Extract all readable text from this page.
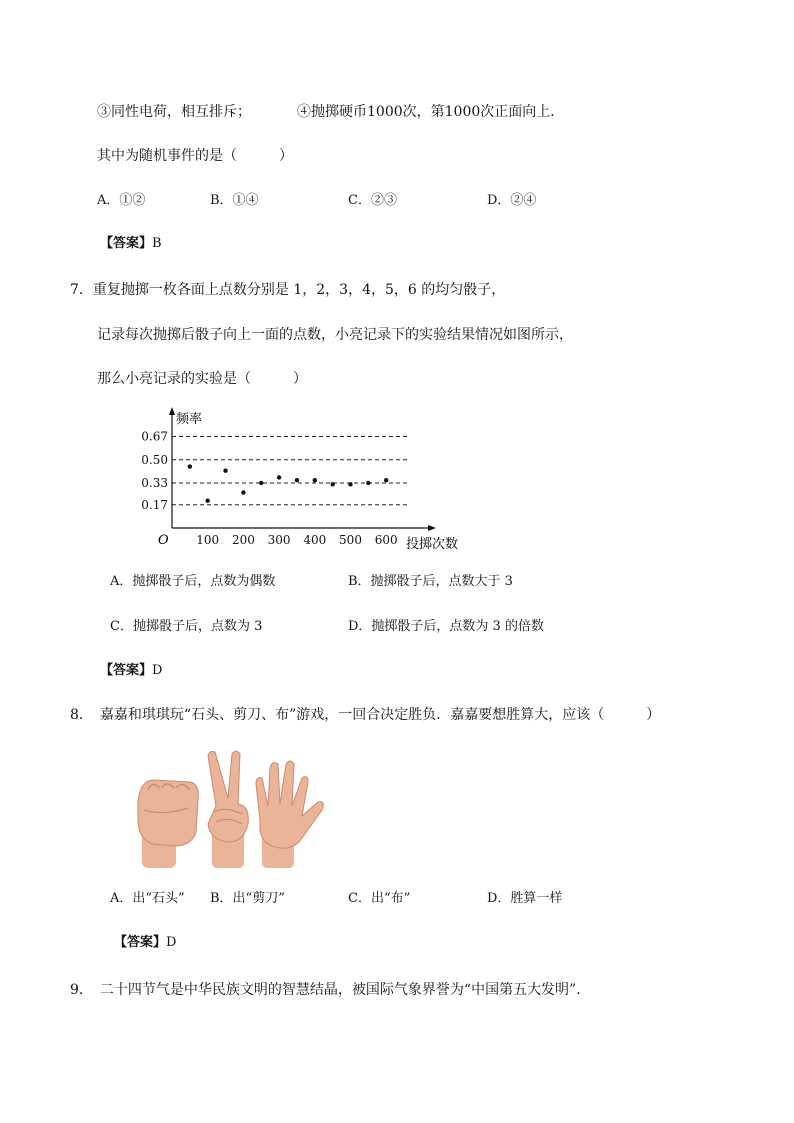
③同性电荷，相互排斥；	④抛掷硬币1000次，第1000次正面向上．
其中为随机事件的是（　　　）
A．①②	B．①④	C．②③	D．②④
【答案】B
7．重复抛掷一枚各面上点数分别是 1，2，3，4，5，6 的均匀骰子，
记录每次抛掷后骰子向上一面的点数，小亮记录下的实验结果情况如图所示，
那么小亮记录的实验是（　　　）
0.17
0.33
0.50
0.67
100 200 300 400 500 600
频率
投掷次数
O
A．抛掷骰子后，点数为偶数	B．抛掷骰子后，点数大于 3
C．抛掷骰子后，点数为 3	D．抛掷骰子后，点数为 3 的倍数
【答案】D
8．　嘉嘉和琪琪玩“石头、剪刀、布”游戏，一回合决定胜负．嘉嘉要想胜算大，应该（　　　）
A．出“石头” B．出“剪刀”	C．出“布”	D．胜算一样
【答案】D
9．　二十四节气是中华民族文明的智慧结晶，被国际气象界誉为“中国第五大发明”．
